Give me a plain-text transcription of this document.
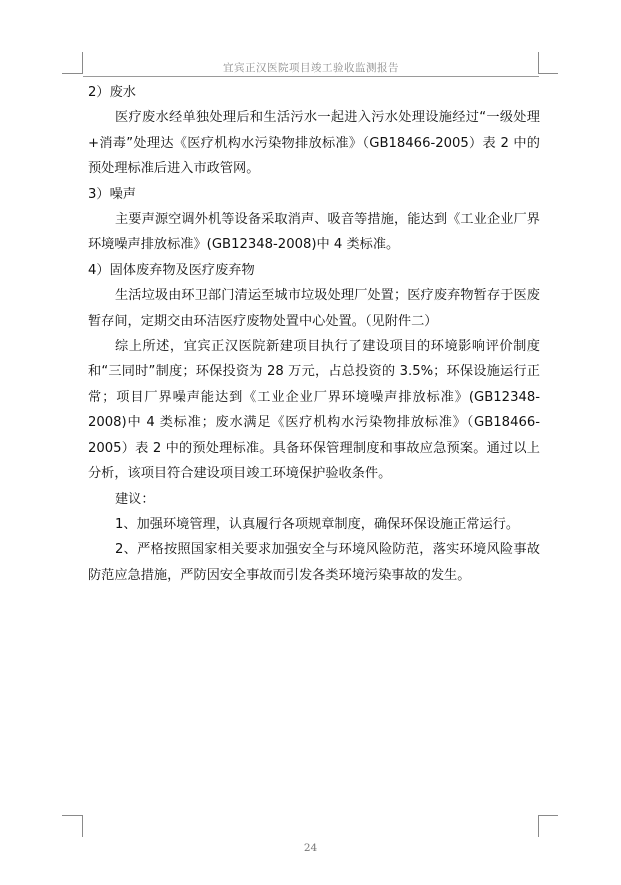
宜宾正汉医院项目竣工验收监测报告

2）废水

医疗废水经单独处理后和生活污水一起进入污水处理设施经过“一级处理+消毒”处理达《医疗机构水污染物排放标准》（GB18466-2005）表 2 中的预处理标准后进入市政管网。

3）噪声

主要声源空调外机等设备采取消声、吸音等措施，能达到《工业企业厂界环境噪声排放标准》(GB12348-2008)中 4 类标准。

4）固体废弃物及医疗废弃物

生活垃圾由环卫部门清运至城市垃圾处理厂处置；医疗废弃物暂存于医废暂存间，定期交由环洁医疗废物处置中心处置。（见附件二）

综上所述，宜宾正汉医院新建项目执行了建设项目的环境影响评价制度和“三同时”制度；环保投资为 28 万元，占总投资的 3.5%；环保设施运行正常；项目厂界噪声能达到《工业企业厂界环境噪声排放标准》(GB12348-2008)中 4 类标准；废水满足《医疗机构水污染物排放标准》（GB18466-2005）表 2 中的预处理标准。具备环保管理制度和事故应急预案。通过以上分析，该项目符合建设项目竣工环境保护验收条件。

建议：

1、加强环境管理，认真履行各项规章制度，确保环保设施正常运行。

2、严格按照国家相关要求加强安全与环境风险防范，落实环境风险事故防范应急措施，严防因安全事故而引发各类环境污染事故的发生。

24
